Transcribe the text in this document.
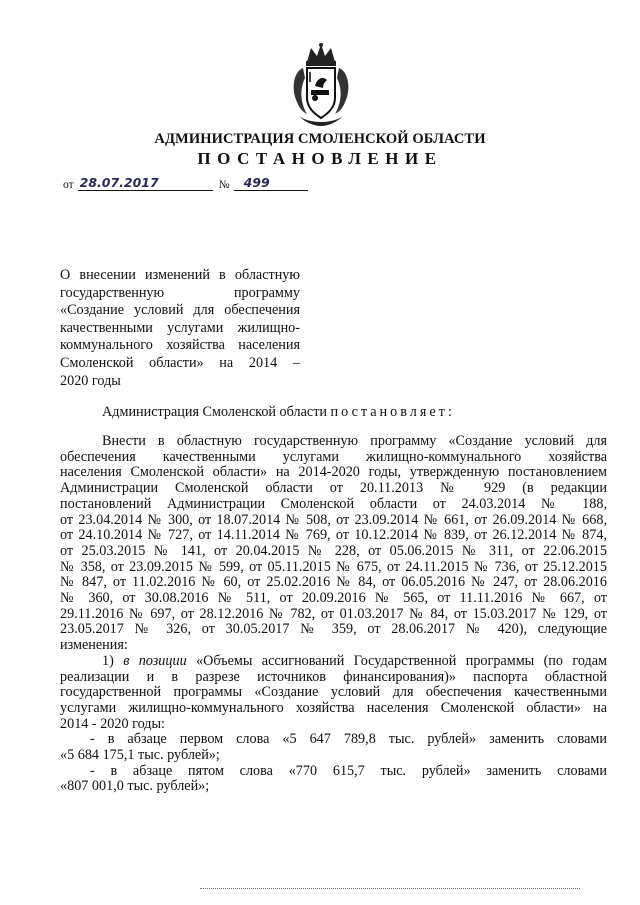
АДМИНИСТРАЦИЯ СМОЛЕНСКОЙ ОБЛАСТИ
ПОСТАНОВЛЕНИЕ
от 28.07.2017	№ 499
О внесении изменений в областную
государственную программу
«Создание условий для обеспечения
качественными услугами жилищно-
коммунального хозяйства населения
Смоленской области» на 2014 –
2020 годы
Администрация Смоленской области постановляет:
Внести в областную государственную программу «Создание условий для
обеспечения качественными услугами жилищно-коммунального хозяйства
населения Смоленской области» на 2014-2020 годы, утвержденную постановлением
Администрации Смоленской области от 20.11.2013 № 929 (в редакции
постановлений Администрации Смоленской области от 24.03.2014 № 188,
от 23.04.2014 № 300, от 18.07.2014 № 508, от 23.09.2014 № 661, от 26.09.2014 № 668,
от 24.10.2014 № 727, от 14.11.2014 № 769, от 10.12.2014 № 839, от 26.12.2014 № 874,
от 25.03.2015 № 141, от 20.04.2015 № 228, от 05.06.2015 № 311, от 22.06.2015
№ 358, от 23.09.2015 № 599, от 05.11.2015 № 675, от 24.11.2015 № 736, от 25.12.2015
№ 847, от 11.02.2016 № 60, от 25.02.2016 № 84, от 06.05.2016 № 247, от 28.06.2016
№ 360, от 30.08.2016 № 511, от 20.09.2016 № 565, от 11.11.2016 № 667, от
29.11.2016 № 697, от 28.12.2016 № 782, от 01.03.2017 № 84, от 15.03.2017 № 129, от
23.05.2017 № 326, от 30.05.2017 № 359, от 28.06.2017 № 420), следующие
изменения:
1) в позиции «Объемы ассигнований Государственной программы (по годам
реализации и в разрезе источников финансирования)» паспорта областной
государственной программы «Создание условий для обеспечения качественными
услугами жилищно-коммунального хозяйства населения Смоленской области» на
2014 - 2020 годы:
- в абзаце первом слова «5 647 789,8 тыс. рублей» заменить словами
«5 684 175,1 тыс. рублей»;
- в абзаце пятом слова «770 615,7 тыс. рублей» заменить словами
«807 001,0 тыс. рублей»;
